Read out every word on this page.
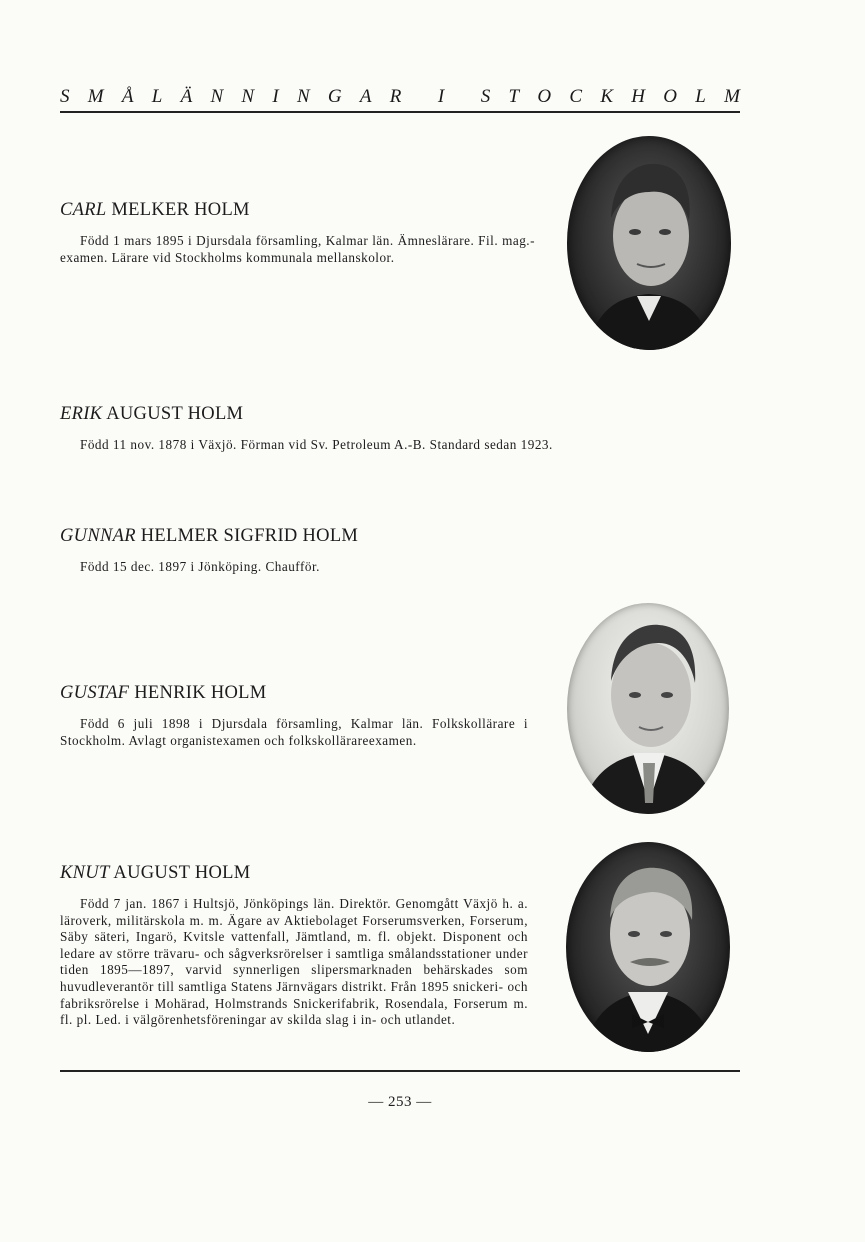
S M Å L Ä N N I N G A R I S T O C K H O L M
CARL MELKER HOLM

Född 1 mars 1895 i Djursdala församling, Kalmar län. Ämneslärare. Fil. mag.-examen. Lärare vid Stockholms kommunala mellanskolor.

ERIK AUGUST HOLM

Född 11 nov. 1878 i Växjö. Förman vid Sv. Petroleum A.-B. Standard sedan 1923.

GUNNAR HELMER SIGFRID HOLM

Född 15 dec. 1897 i Jönköping. Chaufför.

GUSTAF HENRIK HOLM

Född 6 juli 1898 i Djursdala församling, Kalmar län. Folkskollärare i Stockholm. Avlagt organistexamen och folkskollärareexamen.

KNUT AUGUST HOLM

Född 7 jan. 1867 i Hultsjö, Jönköpings län. Direktör. Genomgått Växjö h. a. läroverk, militärskola m. m. Ägare av Aktiebolaget Forserumsverken, Forserum, Säby säteri, Ingarö, Kvitsle vattenfall, Jämtland, m. fl. objekt. Disponent och ledare av större trävaru- och sågverksrörelser i samtliga smålandsstationer under tiden 1895—1897, varvid synnerligen slipersmarknaden behärskades som huvudleverantör till samtliga Statens Järnvägars distrikt. Från 1895 snickeri- och fabriksrörelse i Mohärad, Holmstrands Snickerifabrik, Rosendala, Forserum m. fl. pl. Led. i välgörenhetsföreningar av skilda slag i in- och utlandet.

— 253 —
